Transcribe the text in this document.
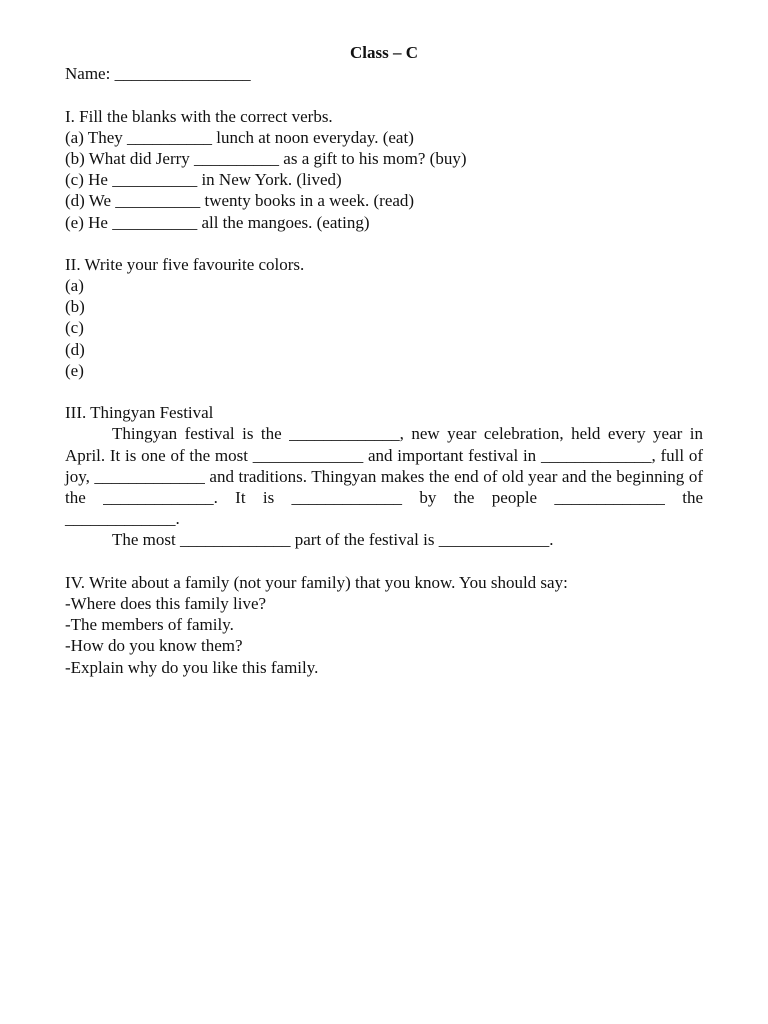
Class – C
Name: ________________
I. Fill the blanks with the correct verbs.
(a) They __________ lunch at noon everyday. (eat)
(b) What did Jerry __________ as a gift to his mom? (buy)
(c) He __________ in New York. (lived)
(d) We __________ twenty books in a week. (read)
(e) He __________ all the mangoes. (eating)
II. Write your five favourite colors.
(a)
(b)
(c)
(d)
(e)
III. Thingyan Festival
Thingyan festival is the _____________, new year celebration, held every year in April. It is one of the most _____________ and important festival in _____________, full of joy, _____________ and traditions. Thingyan makes the end of old year and the beginning of the _____________. It is _____________ by the people _____________ the _____________.
The most _____________ part of the festival is _____________.
IV. Write about a family (not your family) that you know. You should say:
-Where does this family live?
-The members of family.
-How do you know them?
-Explain why do you like this family.
